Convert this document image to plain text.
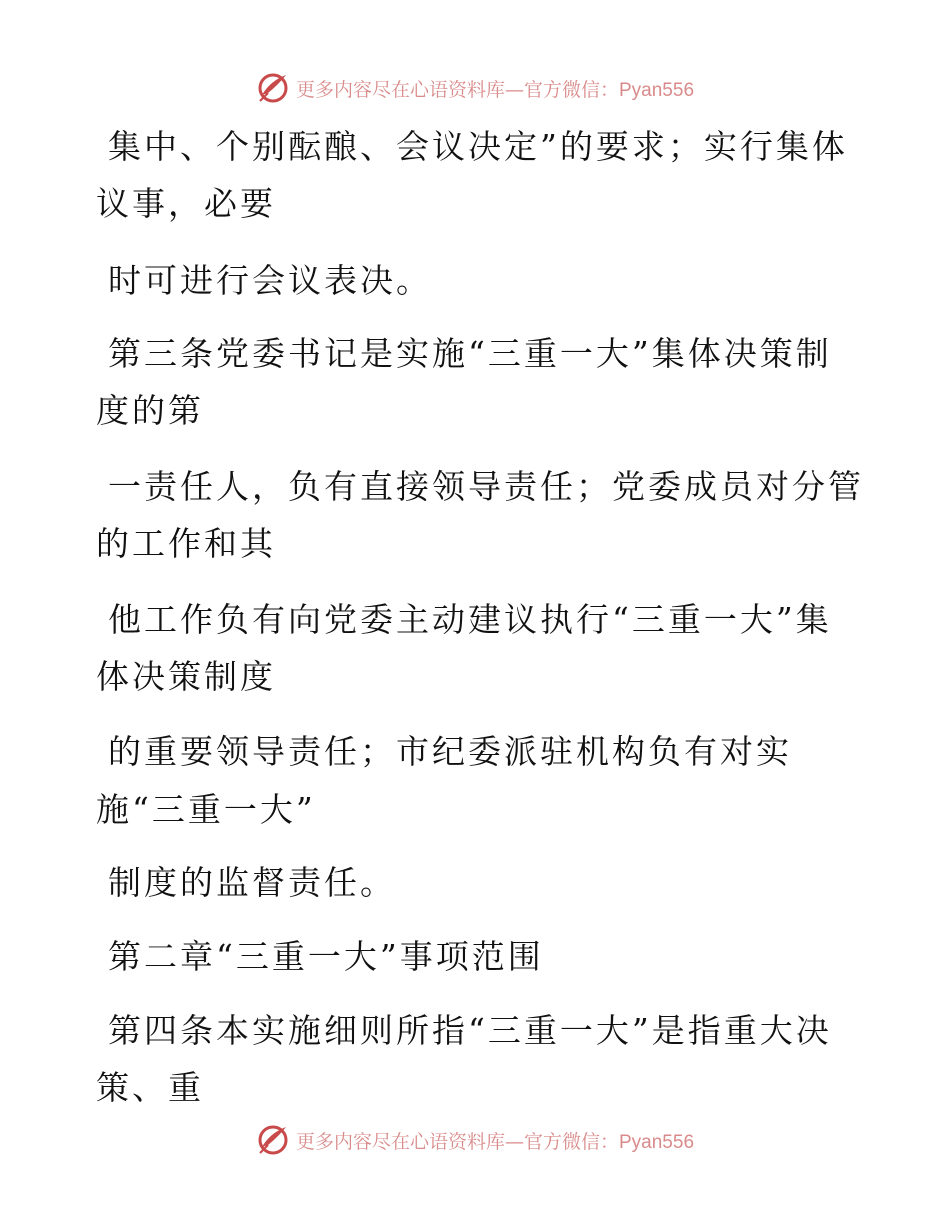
更多内容尽在心语资料库—官方微信：Pyan556
集中、个别酝酿、会议决定”的要求；实行集体
议事，必要
时可进行会议表决。
第三条党委书记是实施“三重一大”集体决策制
度的第
一责任人，负有直接领导责任；党委成员对分管
的工作和其
他工作负有向党委主动建议执行“三重一大”集
体决策制度
的重要领导责任；市纪委派驻机构负有对实
施“三重一大”
制度的监督责任。
第二章“三重一大”事项范围
第四条本实施细则所指“三重一大”是指重大决
策、重
更多内容尽在心语资料库—官方微信：Pyan556
